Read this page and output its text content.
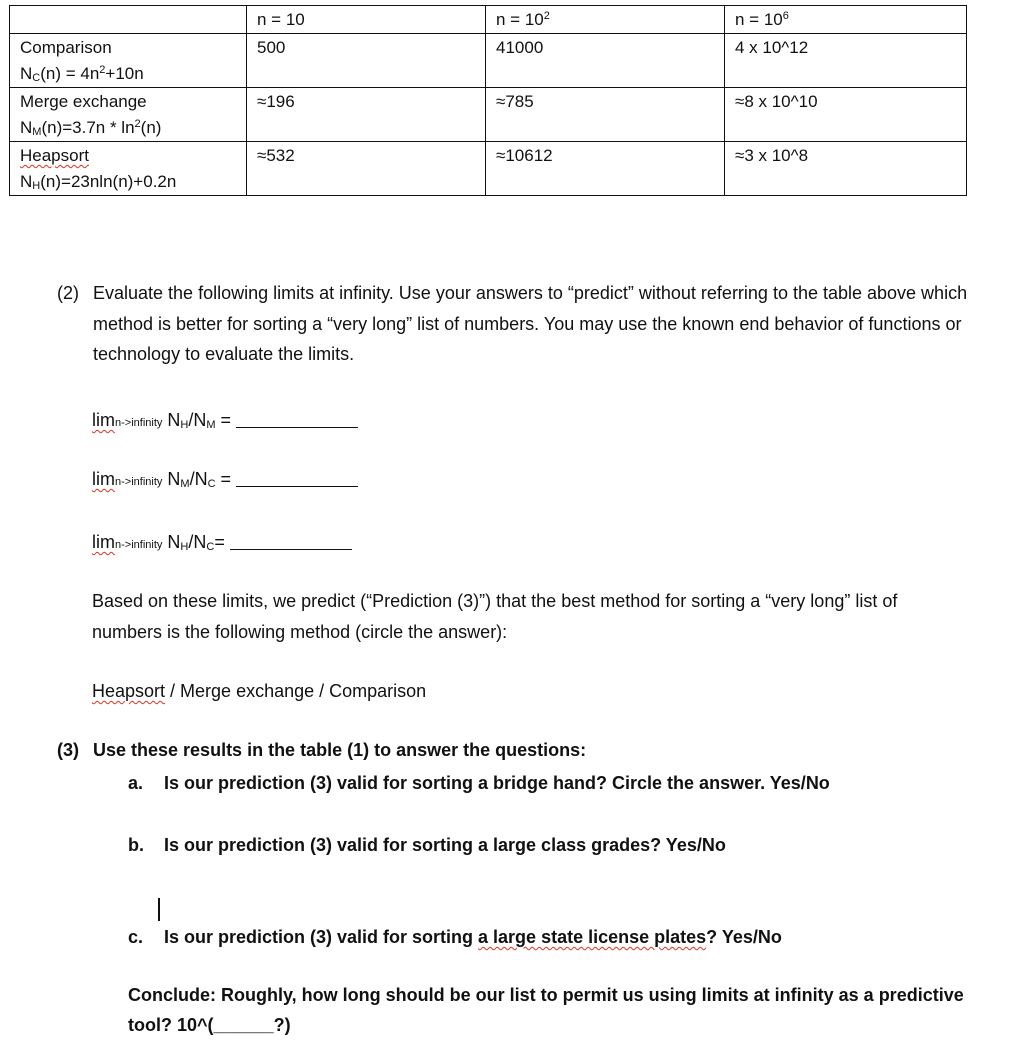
	n = 10	$n = 10^2$	$n = 10^6$

Comparison
$N_C(n) = 4n^2+10n$	500	41000	4 x 10^12

Merge exchange
$N_M(n)=3.7n * \ln^2(n)$	≈196	≈785	≈8 x 10^10

Heapsort
$N_H(n)=23nln(n)+0.2n$	≈532	≈10612	≈3 x 10^8
(2) Evaluate the following limits at infinity. Use your answers to “predict” without referring to the table above which method is better for sorting a “very long” list of numbers. You may use the known end behavior of functions or technology to evaluate the limits.
limn->infinity $N_H/N_M$ =
limn->infinity $N_M/N_C$ =
limn->infinity $N_H/N_C=$
Based on these limits, we predict (“Prediction (3)”) that the best method for sorting a “very long” list of numbers is the following method (circle the answer):
Heapsort / Merge exchange / Comparison
(3) Use these results in the table (1) to answer the questions:
a. Is our prediction (3) valid for sorting a bridge hand? Circle the answer. Yes/No
b. Is our prediction (3) valid for sorting a large class grades? Yes/No
c. Is our prediction (3) valid for sorting a large state license plates? Yes/No
Conclude: Roughly, how long should be our list to permit us using limits at infinity as a predictive tool? 10^(______?)
